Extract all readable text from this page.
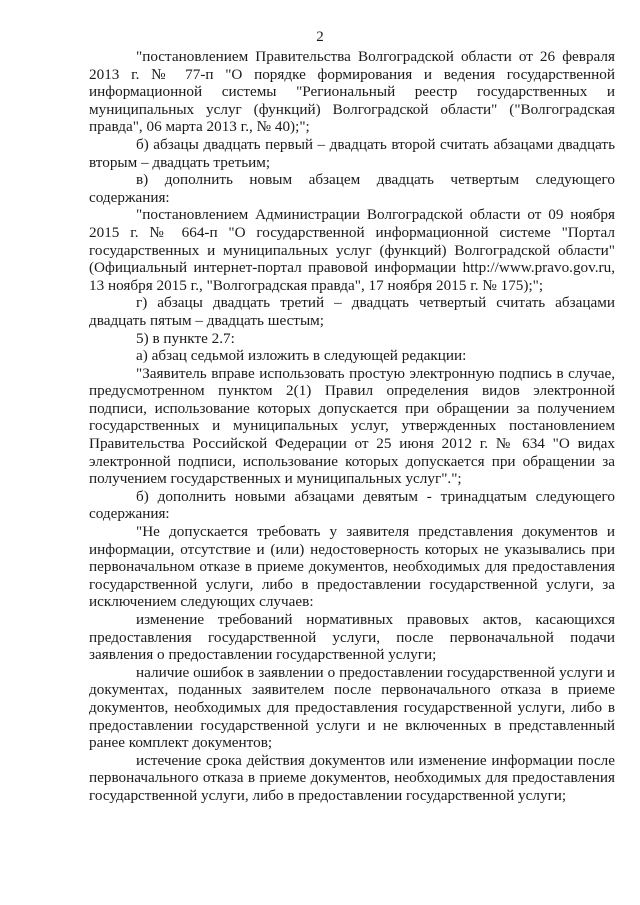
2

"постановлением Правительства Волгоградской области от 26 февраля 2013 г. № 77-п "О порядке формирования и ведения государственной информационной системы "Региональный реестр государственных и муниципальных услуг (функций) Волгоградской области" ("Волгоградская правда", 06 марта 2013 г., № 40);";

б) абзацы двадцать первый – двадцать второй считать абзацами двадцать вторым – двадцать третьим;

в) дополнить новым абзацем двадцать четвертым следующего содержания:

"постановлением Администрации Волгоградской области от 09 ноября 2015 г. № 664-п "О государственной информационной системе "Портал государственных и муниципальных услуг (функций) Волгоградской области" (Официальный интернет-портал правовой информации http://www.pravo.gov.ru, 13 ноября 2015 г., "Волгоградская правда", 17 ноября 2015 г. № 175);";

г) абзацы двадцать третий – двадцать четвертый считать абзацами двадцать пятым – двадцать шестым;

5) в пункте 2.7:

а) абзац седьмой изложить в следующей редакции:

"Заявитель вправе использовать простую электронную подпись в случае, предусмотренном пунктом 2(1) Правил определения видов электронной подписи, использование которых допускается при обращении за получением государственных и муниципальных услуг, утвержденных постановлением Правительства Российской Федерации от 25 июня 2012 г. № 634 "О видах электронной подписи, использование которых допускается при обращении за получением государственных и муниципальных услуг".";

б) дополнить новыми абзацами девятым - тринадцатым следующего содержания:

"Не допускается требовать у заявителя представления документов и информации, отсутствие и (или) недостоверность которых не указывались при первоначальном отказе в приеме документов, необходимых для предоставления государственной услуги, либо в предоставлении государственной услуги, за исключением следующих случаев:

изменение требований нормативных правовых актов, касающихся предоставления государственной услуги, после первоначальной подачи заявления о предоставлении государственной услуги;

наличие ошибок в заявлении о предоставлении государственной услуги и документах, поданных заявителем после первоначального отказа в приеме документов, необходимых для предоставления государственной услуги, либо в предоставлении государственной услуги и не включенных в представленный ранее комплект документов;

истечение срока действия документов или изменение информации после первоначального отказа в приеме документов, необходимых для предоставления государственной услуги, либо в предоставлении государственной услуги;
